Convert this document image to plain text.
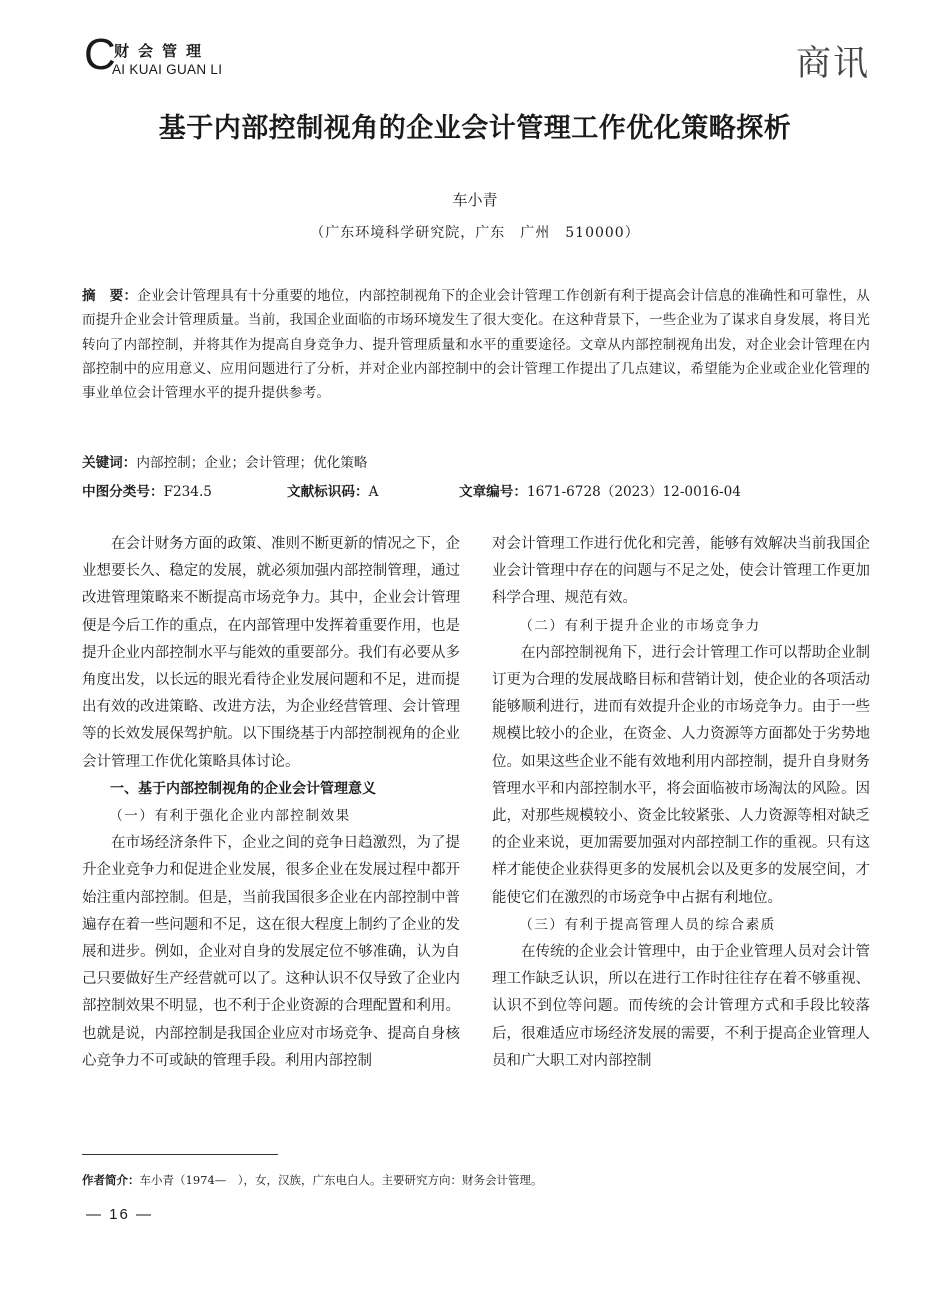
C
财会管理
AI KUAI GUAN LI	商讯
基于内部控制视角的企业会计管理工作优化策略探析
车小青
（广东环境科学研究院，广东　广州　510000）
摘　要：企业会计管理具有十分重要的地位，内部控制视角下的企业会计管理工作创新有利于提高会计信息的准确性和可靠性，从而提升企业会计管理质量。当前，我国企业面临的市场环境发生了很大变化。在这种背景下，一些企业为了谋求自身发展，将目光转向了内部控制，并将其作为提高自身竞争力、提升管理质量和水平的重要途径。文章从内部控制视角出发，对企业会计管理在内部控制中的应用意义、应用问题进行了分析，并对企业内部控制中的会计管理工作提出了几点建议，希望能为企业或企业化管理的事业单位会计管理水平的提升提供参考。
关键词：内部控制；企业；会计管理；优化策略
中图分类号：F234.5	文献标识码：A	文章编号：1671-6728（2023）12-0016-04

在会计财务方面的政策、准则不断更新的情况之下，企业想要长久、稳定的发展，就必须加强内部控制管理，通过改进管理策略来不断提高市场竞争力。其中，企业会计管理便是今后工作的重点，在内部管理中发挥着重要作用，也是提升企业内部控制水平与能效的重要部分。我们有必要从多角度出发，以长远的眼光看待企业发展问题和不足，进而提出有效的改进策略、改进方法，为企业经营管理、会计管理等的长效发展保驾护航。以下围绕基于内部控制视角的企业会计管理工作优化策略具体讨论。

一、基于内部控制视角的企业会计管理意义
（一）有利于强化企业内部控制效果

在市场经济条件下，企业之间的竞争日趋激烈，为了提升企业竞争力和促进企业发展，很多企业在发展过程中都开始注重内部控制。但是，当前我国很多企业在内部控制中普遍存在着一些问题和不足，这在很大程度上制约了企业的发展和进步。例如，企业对自身的发展定位不够准确，认为自己只要做好生产经营就可以了。这种认识不仅导致了企业内部控制效果不明显，也不利于企业资源的合理配置和利用。也就是说，内部控制是我国企业应对市场竞争、提高自身核心竞争力不可或缺的管理手段。利用内部控制

对会计管理工作进行优化和完善，能够有效解决当前我国企业会计管理中存在的问题与不足之处，使会计管理工作更加科学合理、规范有效。

（二）有利于提升企业的市场竞争力

在内部控制视角下，进行会计管理工作可以帮助企业制订更为合理的发展战略目标和营销计划，使企业的各项活动能够顺利进行，进而有效提升企业的市场竞争力。由于一些规模比较小的企业，在资金、人力资源等方面都处于劣势地位。如果这些企业不能有效地利用内部控制，提升自身财务管理水平和内部控制水平，将会面临被市场淘汰的风险。因此，对那些规模较小、资金比较紧张、人力资源等相对缺乏的企业来说，更加需要加强对内部控制工作的重视。只有这样才能使企业获得更多的发展机会以及更多的发展空间，才能使它们在激烈的市场竞争中占据有利地位。

（三）有利于提高管理人员的综合素质

在传统的企业会计管理中，由于企业管理人员对会计管理工作缺乏认识，所以在进行工作时往往存在着不够重视、认识不到位等问题。而传统的会计管理方式和手段比较落后，很难适应市场经济发展的需要，不利于提高企业管理人员和广大职工对内部控制

作者简介：车小青（1974—　），女，汉族，广东电白人。主要研究方向：财务会计管理。
— 16 —
